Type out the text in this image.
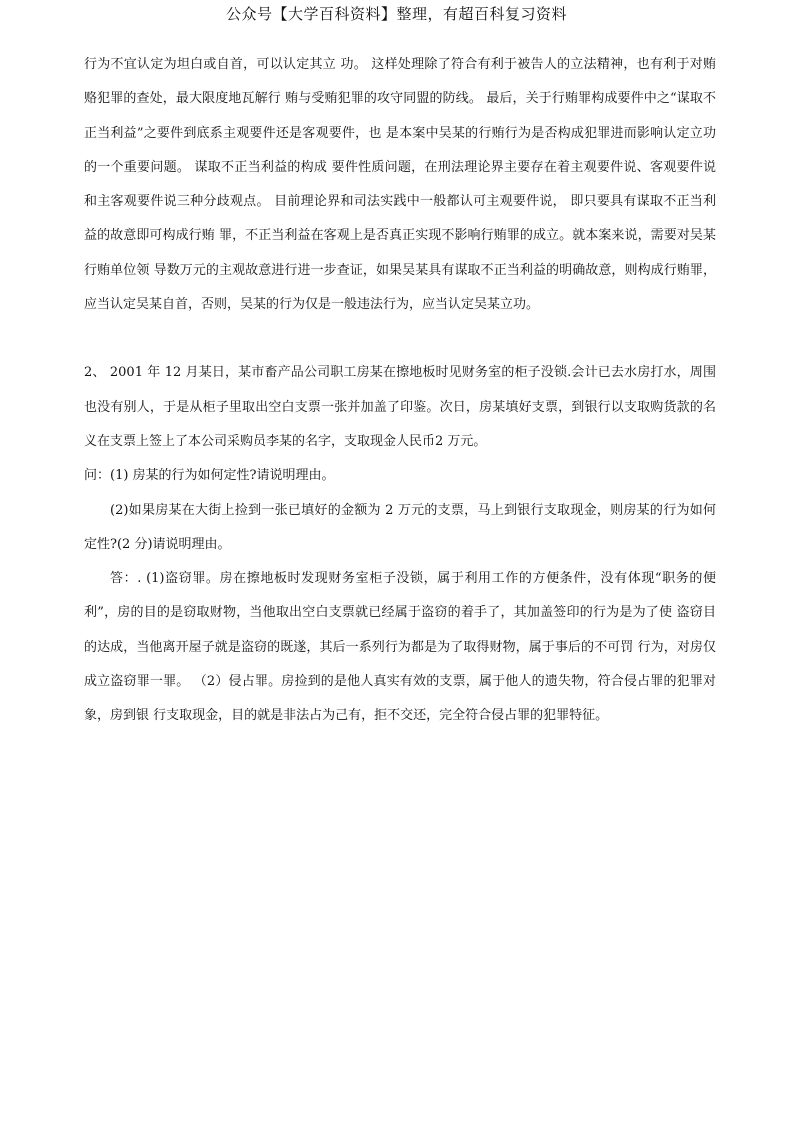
公众号【大学百科资料】整理，有超百科复习资料

行为不宜认定为坦白或自首，可以认定其立 功。 这样处理除了符合有利于被告人的立法精神，也有利于对贿赂犯罪的查处，最大限度地瓦解行 贿与受贿犯罪的攻守同盟的防线。 最后，关于行贿罪构成要件中之“谋取不正当利益”之要件到底系主观要件还是客观要件，也 是本案中吴某的行贿行为是否构成犯罪进而影响认定立功的一个重要问题。 谋取不正当利益的构成 要件性质问题，在刑法理论界主要存在着主观要件说、客观要件说和主客观要件说三种分歧观点。 目前理论界和司法实践中一般都认可主观要件说， 即只要具有谋取不正当利益的故意即可构成行贿 罪，不正当利益在客观上是否真正实现不影响行贿罪的成立。就本案来说，需要对吴某行贿单位领 导数万元的主观故意进行进一步查证，如果吴某具有谋取不正当利益的明确故意，则构成行贿罪， 应当认定吴某自首，否则，吴某的行为仅是一般违法行为，应当认定吴某立功。

2、 2001 年 12 月某日，某市畜产品公司职工房某在擦地板时见财务室的柜子没锁.会计已去水房打水，周围也没有别人，于是从柜子里取出空白支票一张并加盖了印鉴。次日，房某填好支票，到银行以支取购货款的名义在支票上签上了本公司采购员李某的名字，支取现金人民币2 万元。

问：(1) 房某的行为如何定性?请说明理由。

(2)如果房某在大街上捡到一张已填好的金额为 2 万元的支票，马上到银行支取现金，则房某的行为如何定性?(2 分)请说明理由。

答：. (1)盗窃罪。房在擦地板时发现财务室柜子没锁，属于利用工作的方便条件，没有体现“职务的便 利”，房的目的是窃取财物，当他取出空白支票就已经属于盗窃的着手了，其加盖签印的行为是为了使 盗窃目的达成，当他离开屋子就是盗窃的既遂，其后一系列行为都是为了取得财物，属于事后的不可罚 行为，对房仅成立盗窃罪一罪。 （2）侵占罪。房捡到的是他人真实有效的支票，属于他人的遗失物，符合侵占罪的犯罪对象，房到银 行支取现金，目的就是非法占为己有，拒不交还，完全符合侵占罪的犯罪特征。
